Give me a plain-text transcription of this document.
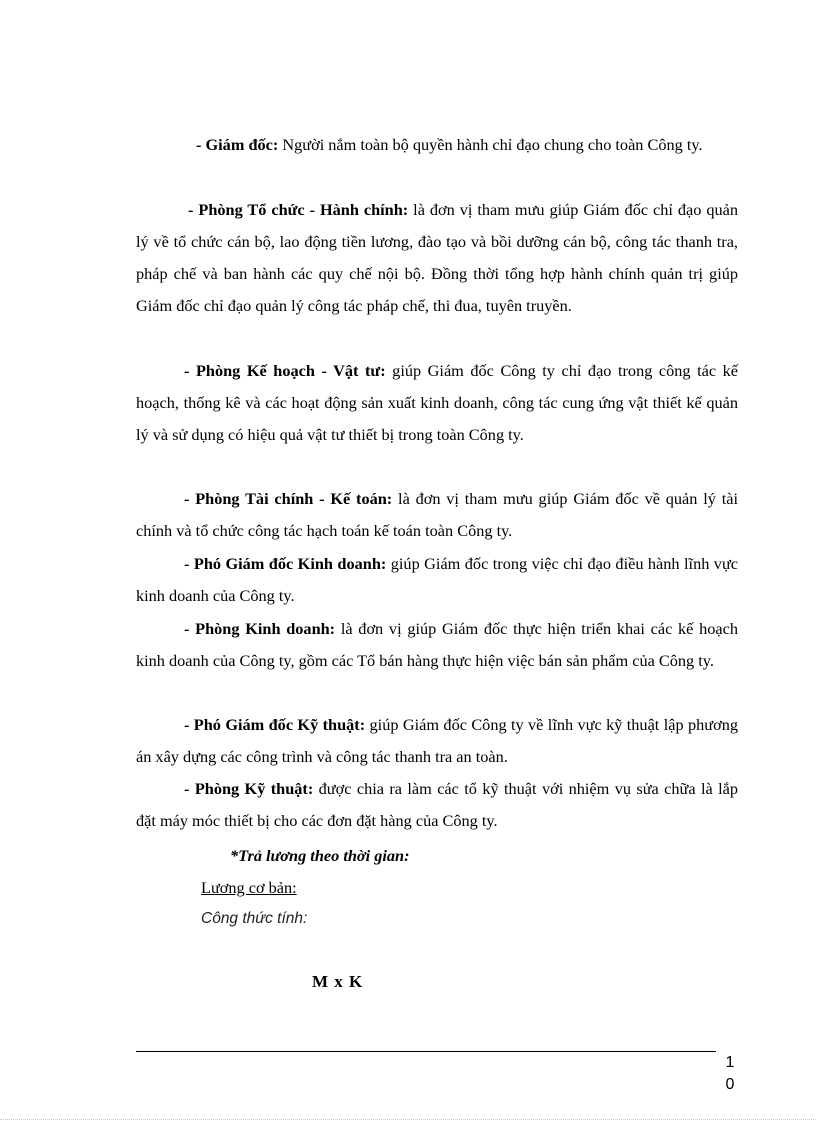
- Giám đốc: Người nắm toàn bộ quyền hành chỉ đạo chung cho toàn Công ty.

- Phòng Tổ chức - Hành chính: là đơn vị tham mưu giúp Giám đốc chỉ đạo quản lý về tổ chức cán bộ, lao động tiền lương, đào tạo và bồi dưỡng cán bộ, công tác thanh tra, pháp chế và ban hành các quy chế nội bộ. Đồng thời tổng hợp hành chính quản trị giúp Giám đốc chỉ đạo quản lý công tác pháp chế, thi đua, tuyên truyền.

- Phòng Kế hoạch - Vật tư: giúp Giám đốc Công ty chỉ đạo trong công tác kế hoạch, thống kê và các hoạt động sản xuất kinh doanh, công tác cung ứng vật thiết kế quản lý và sử dụng có hiệu quả vật tư thiết bị trong toàn Công ty.

- Phòng Tài chính - Kế toán: là đơn vị tham mưu giúp Giám đốc về quản lý tài chính và tổ chức công tác hạch toán kế toán toàn Công ty.

- Phó Giám đốc Kinh doanh: giúp Giám đốc trong việc chỉ đạo điều hành lĩnh vực kinh doanh của Công ty.

- Phòng Kinh doanh: là đơn vị giúp Giám đốc thực hiện triển khai các kế hoạch kinh doanh của Công ty, gồm các Tổ bán hàng thực hiện việc bán sản phẩm của Công ty.

- Phó Giám đốc Kỹ thuật: giúp Giám đốc Công ty về lĩnh vực kỹ thuật lập phương án xây dựng các công trình và công tác thanh tra an toàn.

- Phòng Kỹ thuật: được chia ra làm các tổ kỹ thuật với nhiệm vụ sửa chữa là lắp đặt máy móc thiết bị cho các đơn đặt hàng của Công ty.

*Trả lương theo thời gian:
Lương cơ bản:
Công thức tính:
M x K
10
